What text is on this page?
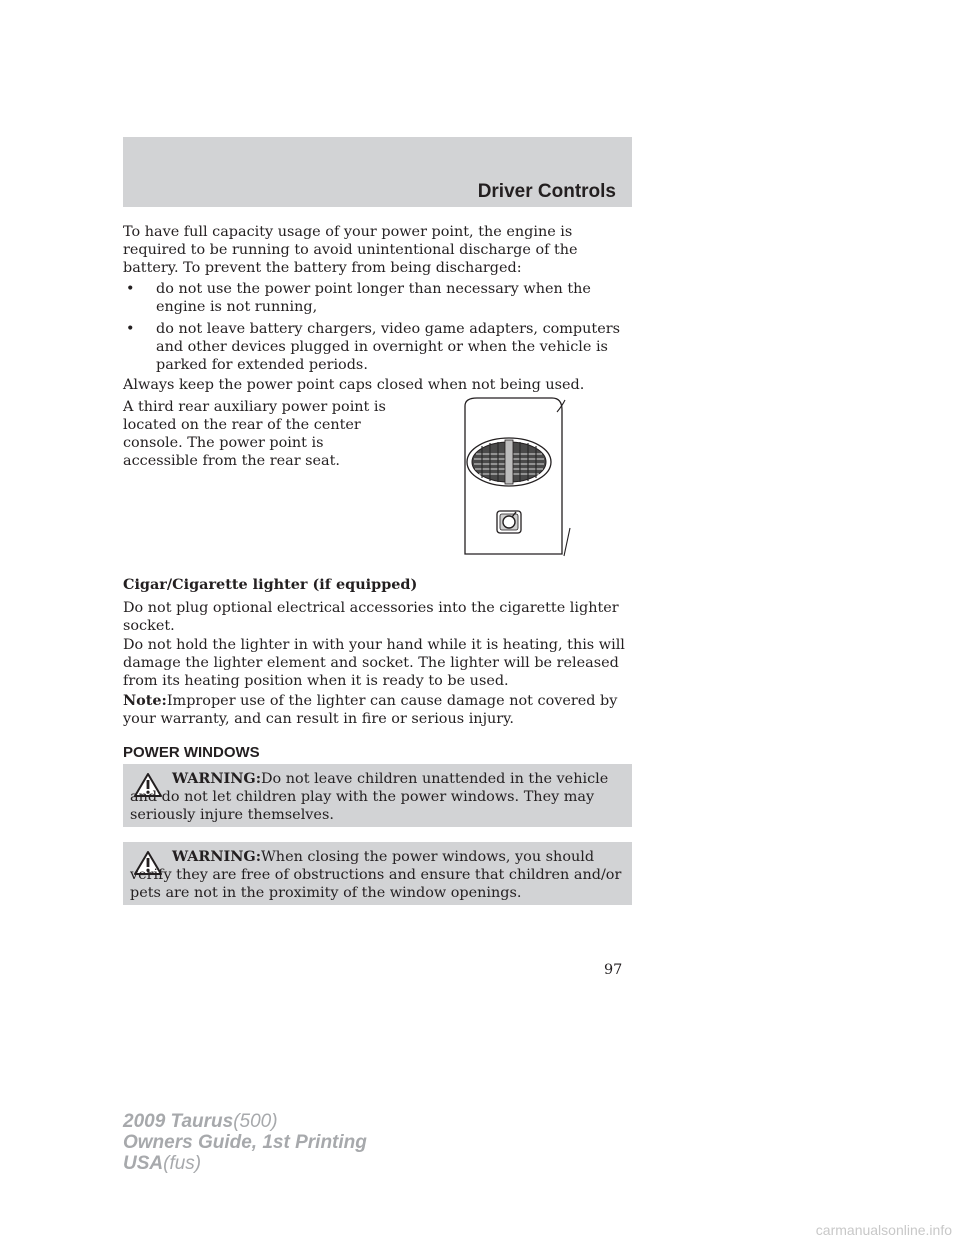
Driver Controls

To have full capacity usage of your power point, the engine is required to be running to avoid unintentional discharge of the battery. To prevent the battery from being discharged:

• do not use the power point longer than necessary when the engine is not running,
• do not leave battery chargers, video game adapters, computers and other devices plugged in overnight or when the vehicle is parked for extended periods.

Always keep the power point caps closed when not being used.

A third rear auxiliary power point is located on the rear of the center console. The power point is accessible from the rear seat.

Cigar/Cigarette lighter (if equipped)

Do not plug optional electrical accessories into the cigarette lighter socket.

Do not hold the lighter in with your hand while it is heating, this will damage the lighter element and socket. The lighter will be released from its heating position when it is ready to be used.

Note:Improper use of the lighter can cause damage not covered by your warranty, and can result in fire or serious injury.

POWER WINDOWS
WARNING:Do not leave children unattended in the vehicle and do not let children play with the power windows. They may seriously injure themselves.
WARNING:When closing the power windows, you should verify they are free of obstructions and ensure that children and/or pets are not in the proximity of the window openings.
97
2009 Taurus(500)
Owners Guide, 1st Printing
USA(fus)
carmanualsonline.info
